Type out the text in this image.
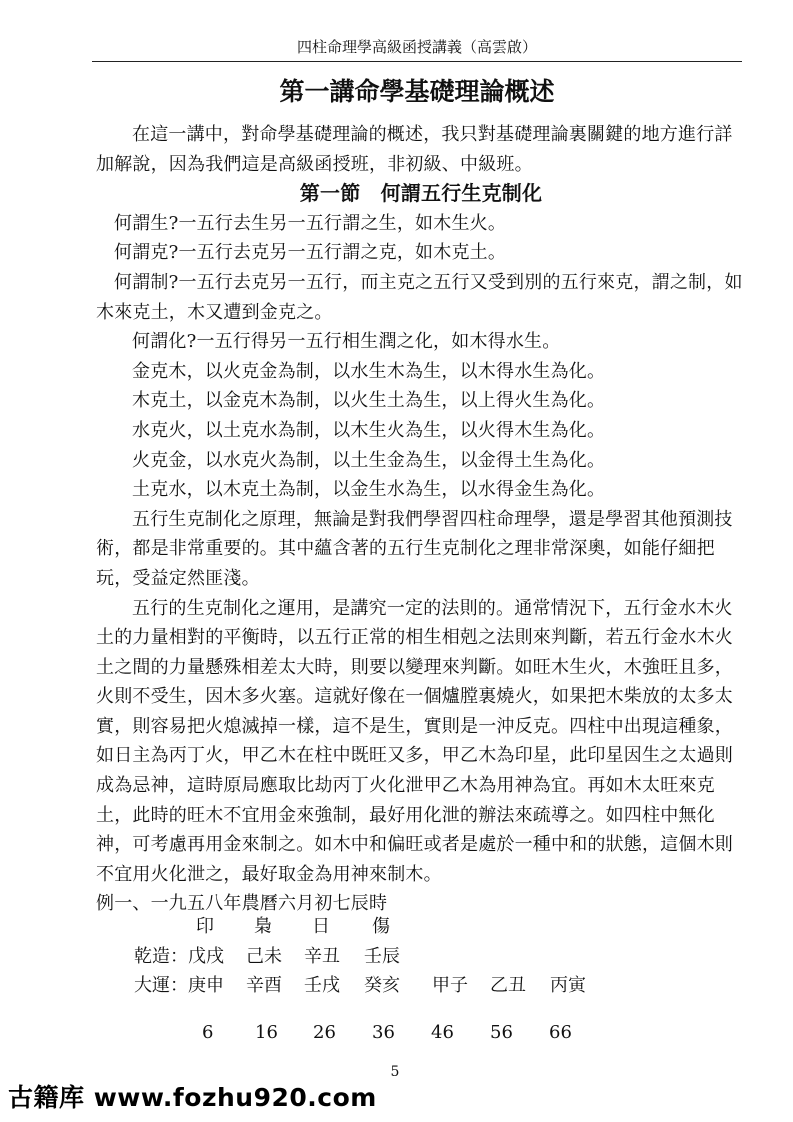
四柱命理學高級函授講義（高雲啟）
第一講命學基礎理論概述

在這一講中，對命學基礎理論的概述，我只對基礎理論裏關鍵的地方進行詳加解說，因為我們這是高級函授班，非初級、中級班。

第一節　何謂五行生克制化

何謂生?一五行去生另一五行謂之生，如木生火。

何謂克?一五行去克另一五行謂之克，如木克土。

何謂制?一五行去克另一五行，而主克之五行又受到別的五行來克，謂之制，如木來克土，木又遭到金克之。

何謂化?一五行得另一五行相生潤之化，如木得水生。

金克木，以火克金為制，以水生木為生，以木得水生為化。

木克土，以金克木為制，以火生土為生，以上得火生為化。

水克火，以土克水為制，以木生火為生，以火得木生為化。

火克金，以水克火為制，以土生金為生，以金得土生為化。

土克水，以木克土為制，以金生水為生，以水得金生為化。

五行生克制化之原理，無論是對我們學習四柱命理學，還是學習其他預測技術，都是非常重要的。其中蘊含著的五行生克制化之理非常深奧，如能仔細把玩，受益定然匪淺。

五行的生克制化之運用，是講究一定的法則的。通常情況下，五行金水木火土的力量相對的平衡時，以五行正常的相生相剋之法則來判斷，若五行金水木火土之間的力量懸殊相差太大時，則要以變理來判斷。如旺木生火，木強旺且多，火則不受生，因木多火塞。這就好像在一個爐膛裏燒火，如果把木柴放的太多太實，則容易把火熄滅掉一樣，這不是生，實則是一沖反克。四柱中出現這種象，如日主為丙丁火，甲乙木在柱中既旺又多，甲乙木為印星，此印星因生之太過則成為忌神，這時原局應取比劫丙丁火化泄甲乙木為用神為宜。再如木太旺來克土，此時的旺木不宜用金來強制，最好用化泄的辦法來疏導之。如四柱中無化神，可考慮再用金來制之。如木中和偏旺或者是處於一種中和的狀態，這個木則不宜用火化泄之，最好取金為用神來制木。

例一、一九五八年農曆六月初七辰時

印 梟 日 傷
乾造： 戊戌 己未 辛丑 壬辰
大運： 庚申 辛酉 壬戌 癸亥 甲子 乙丑 丙寅
6 16 26 36 46 56 66
5
古籍库 www.fozhu920.com
